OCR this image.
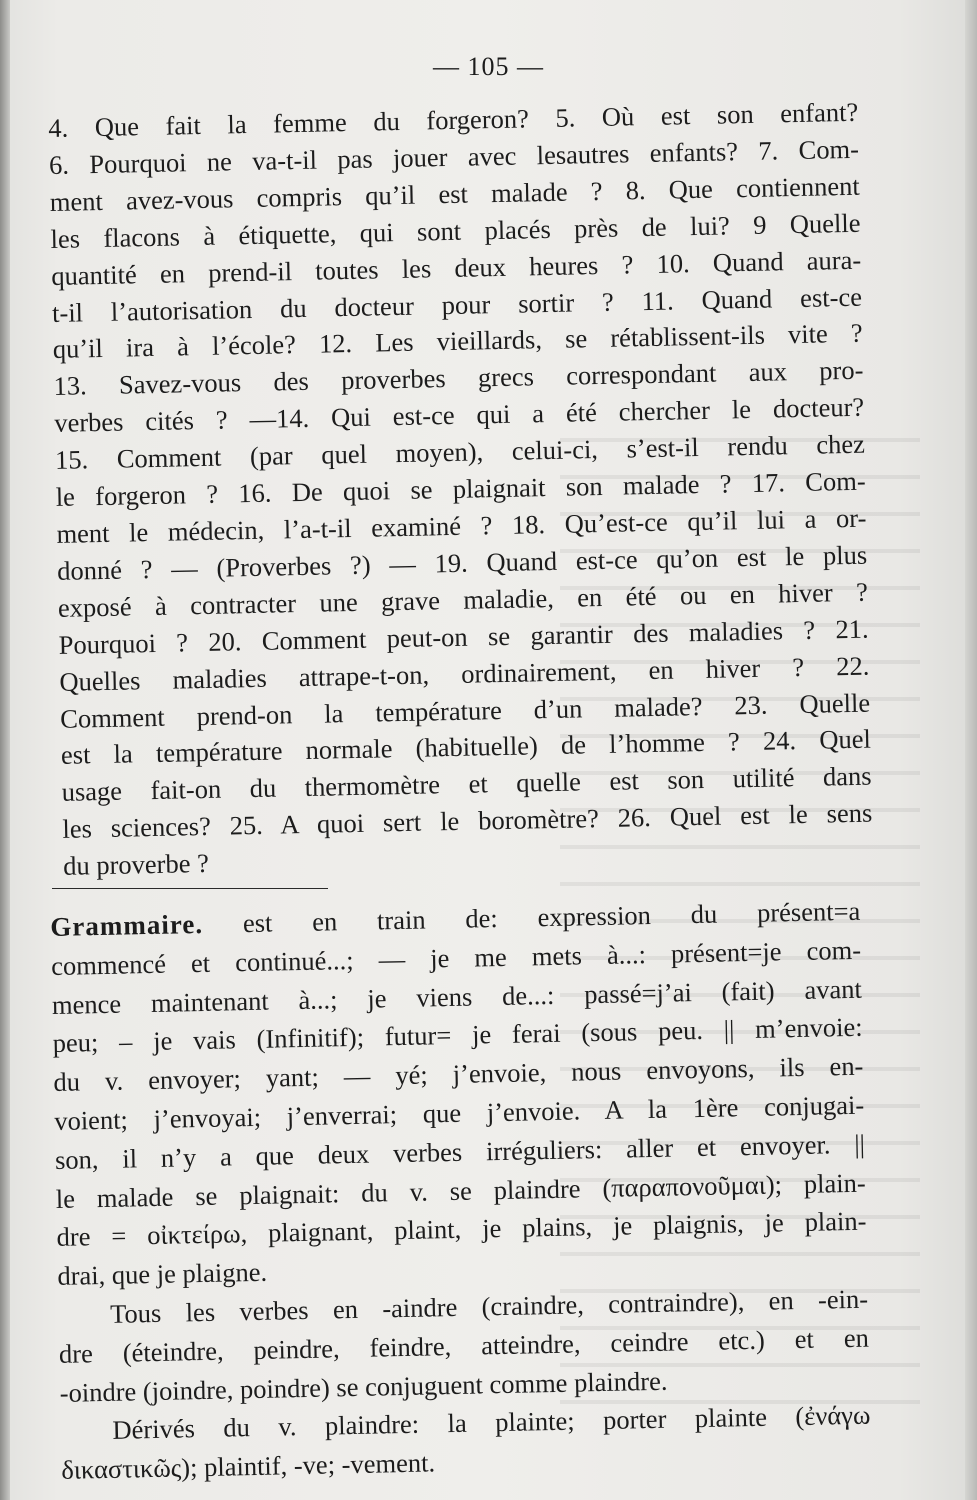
— 105 —
4. Que fait la femme du forgeron? 5. Où est son enfant?
6. Pourquoi ne va-t-il pas jouer avec lesautres enfants? 7. Com-
ment avez-vous compris qu’il est malade ? 8. Que contiennent
les flacons à étiquette, qui sont placés près de lui? 9 Quelle
quantité en prend-il toutes les deux heures ? 10. Quand aura-
t-il l’autorisation du docteur pour sortir ? 11. Quand est-ce
qu’il ira à l’école? 12. Les vieillards, se rétablissent-ils vite ?
13. Savez-vous des proverbes grecs correspondant aux pro-
verbes cités ? —14. Qui est-ce qui a été chercher le docteur?
15. Comment (par quel moyen), celui-ci, s’est-il rendu chez
le forgeron ? 16. De quoi se plaignait son malade ? 17. Com-
ment le médecin, l’a-t-il examiné ? 18. Qu’est-ce qu’il lui a or-
donné ? — (Proverbes ?) — 19. Quand est-ce qu’on est le plus
exposé à contracter une grave maladie, en été ou en hiver ?
Pourquoi ? 20. Comment peut-on se garantir des maladies ? 21.
Quelles maladies attrape-t-on, ordinairement, en hiver ? 22.
Comment prend-on la température d’un malade? 23. Quelle
est la température normale (habituelle) de l’homme ? 24. Quel
usage fait-on du thermomètre et quelle est son utilité dans
les sciences? 25. A quoi sert le boromètre? 26. Quel est le sens
du proverbe ?
Grammaire. est en train de: expression du présent=a
commencé et continué...; — je me mets à...: présent=je com-
mence maintenant à...; je viens de...: passé=j’ai (fait) avant
peu; – je vais (Infinitif); futur= je ferai (sous peu. || m’envoie:
du v. envoyer; yant; — yé; j’envoie, nous envoyons, ils en-
voient; j’envoyai; j’enverrai; que j’envoie. A la 1ère conjugai-
son, il n’y a que deux verbes irréguliers: aller et envoyer. ||
le malade se plaignait: du v. se plaindre (παραπονοῦμαι); plain-
dre = οἰκτείρω, plaignant, plaint, je plains, je plaignis, je plain-
drai, que je plaigne.
Tous les verbes en -aindre (craindre, contraindre), en -ein-
dre (éteindre, peindre, feindre, atteindre, ceindre etc.) et en
-oindre (joindre, poindre) se conjuguent comme plaindre.
Dérivés du v. plaindre: la plainte; porter plainte (ἐνάγω
δικαστικῶς); plaintif, -ve; -vement.
